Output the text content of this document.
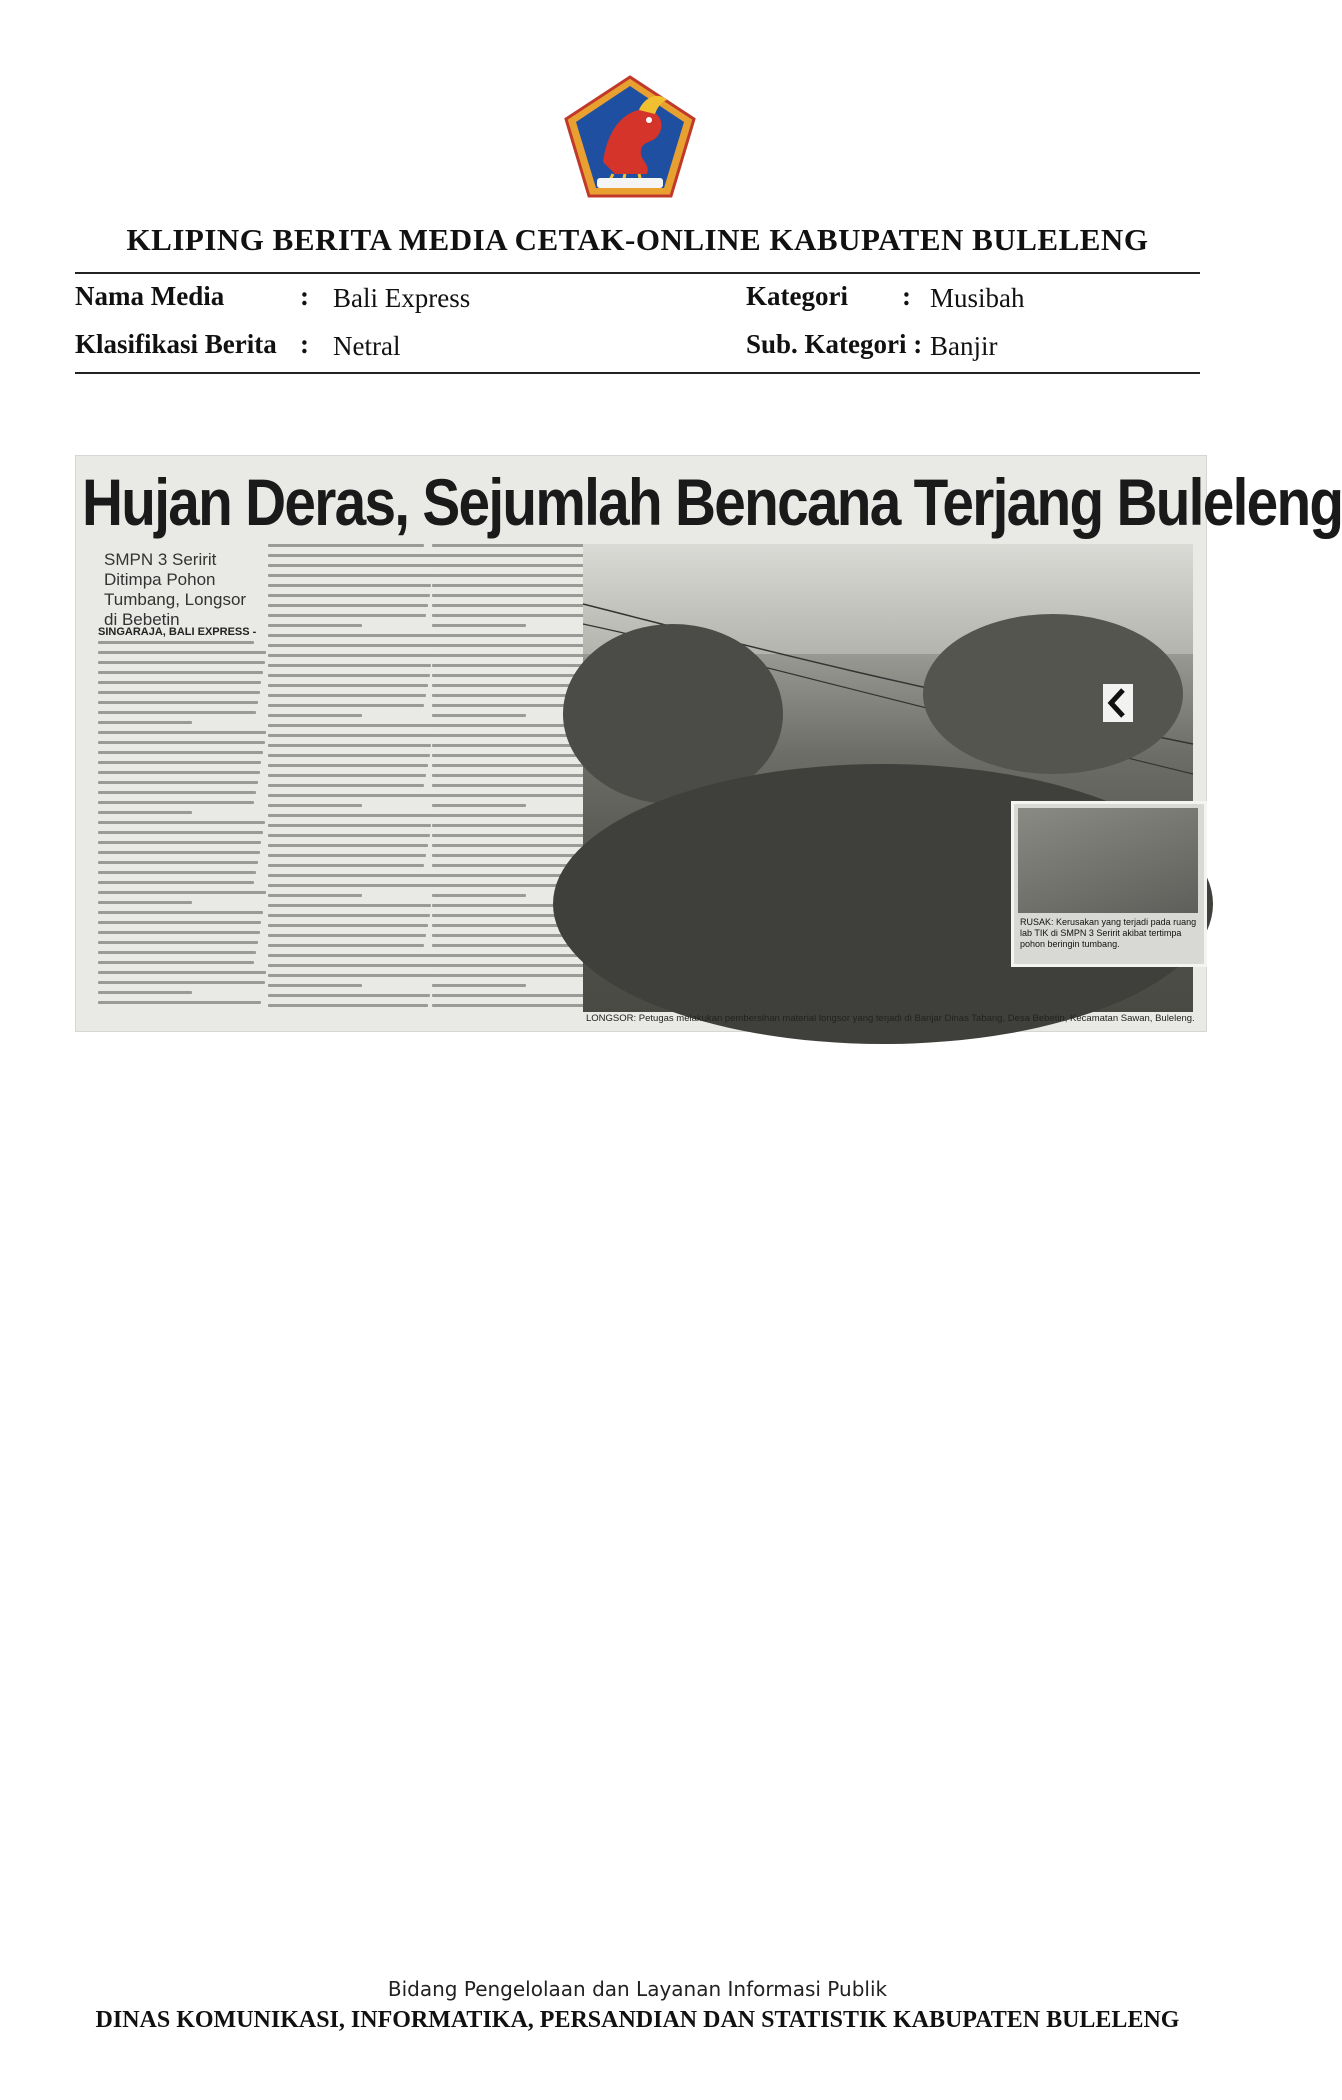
KLIPING BERITA MEDIA CETAK-ONLINE KABUPATEN BULELENG
Nama Media	: Bali Express
Klasifikasi Berita : Netral
Kategori : Musibah
Sub. Kategori : Banjir
Hujan Deras, Sejumlah Bencana Terjang Buleleng
SMPN 3 Seririt Ditimpa Pohon Tumbang, Longsor di Bebetin
SINGARAJA, BALI EXPRESS -
RUSAK: Kerusakan yang terjadi pada ruang lab TIK di SMPN 3 Seririt akibat tertimpa pohon beringin tumbang.
LONGSOR: Petugas melakukan pembersihan material longsor yang terjadi di Banjar Dinas Tabang, Desa Bebetin, Kecamatan Sawan, Buleleng.
Bidang Pengelolaan dan Layanan Informasi Publik
DINAS KOMUNIKASI, INFORMATIKA, PERSANDIAN DAN STATISTIK KABUPATEN BULELENG
